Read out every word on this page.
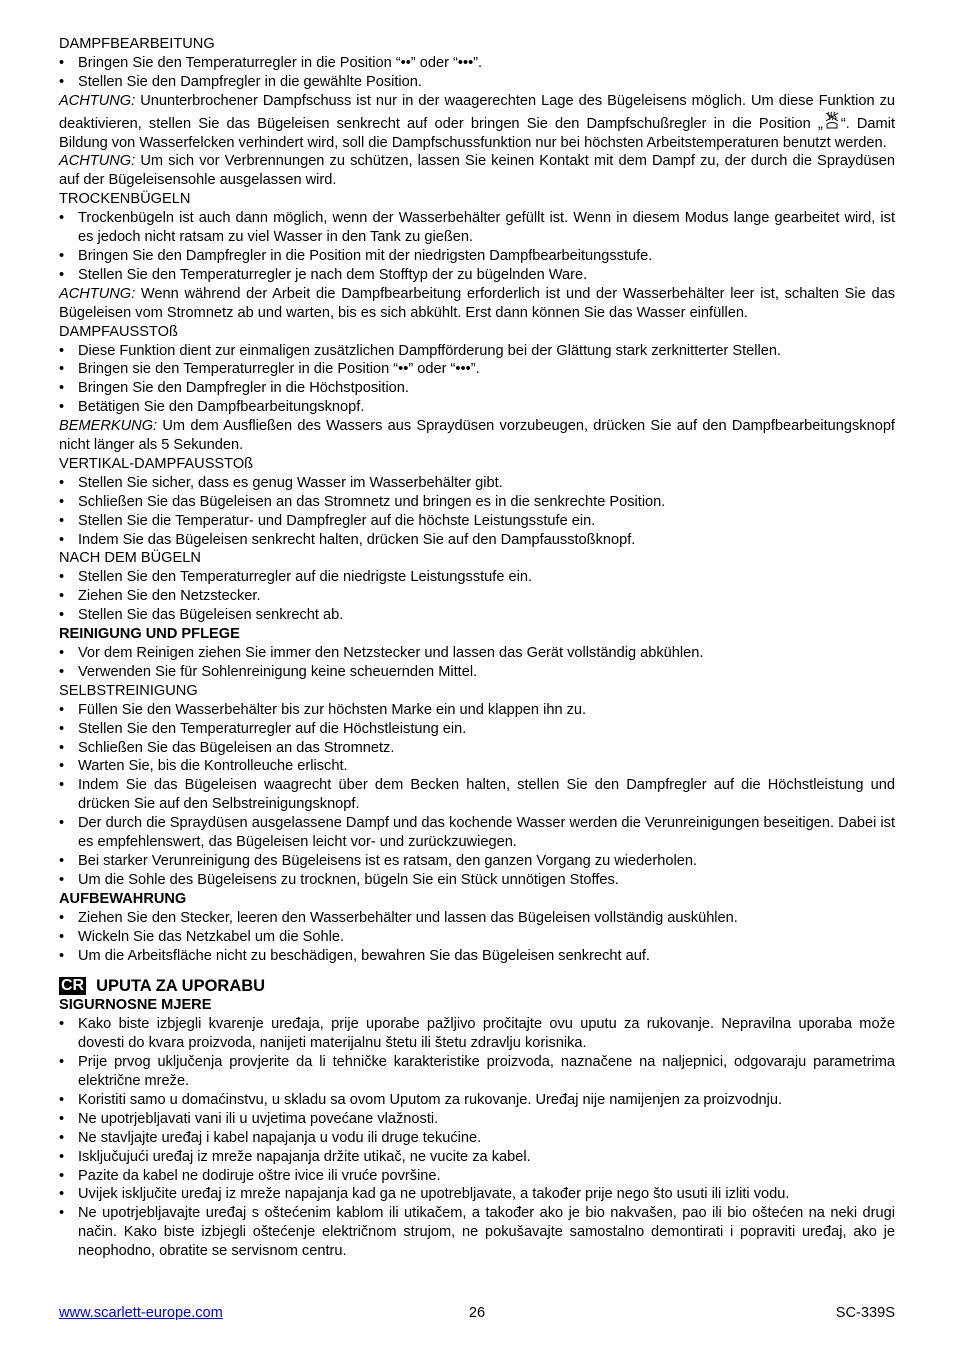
DAMPFBEARBEITUNG

• Bringen Sie den Temperaturregler in die Position “••” oder “•••”.
• Stellen Sie den Dampfregler in die gewählte Position.

ACHTUNG: Ununterbrochener Dampfschuss ist nur in der waagerechten Lage des Bügeleisens möglich. Um diese Funktion zu deaktivieren, stellen Sie das Bügeleisen senkrecht auf oder bringen Sie den Dampfschußregler in die Position „ “. Damit Bildung von Wasserfelcken verhindert wird, soll die Dampfschussfunktion nur bei höchsten Arbeitstemperaturen benutzt werden.

ACHTUNG: Um sich vor Verbrennungen zu schützen, lassen Sie keinen Kontakt mit dem Dampf zu, der durch die Spraydüsen auf der Bügeleisensohle ausgelassen wird.

TROCKENBÜGELN

• Trockenbügeln ist auch dann möglich, wenn der Wasserbehälter gefüllt ist. Wenn in diesem Modus lange gearbeitet wird, ist es jedoch nicht ratsam zu viel Wasser in den Tank zu gießen.
• Bringen Sie den Dampfregler in die Position mit der niedrigsten Dampfbearbeitungsstufe.
• Stellen Sie den Temperaturregler je nach dem Stofftyp der zu bügelnden Ware.

ACHTUNG: Wenn während der Arbeit die Dampfbearbeitung erforderlich ist und der Wasserbehälter leer ist, schalten Sie das Bügeleisen vom Stromnetz ab und warten, bis es sich abkühlt. Erst dann können Sie das Wasser einfüllen.

DAMPFAUSSTOß

• Diese Funktion dient zur einmaligen zusätzlichen Dampfförderung bei der Glättung stark zerknitterter Stellen.
• Bringen sie den Temperaturregler in die Position “••” oder “•••”.
• Bringen Sie den Dampfregler in die Höchstposition.
• Betätigen Sie den Dampfbearbeitungsknopf.

BEMERKUNG: Um dem Ausfließen des Wassers aus Spraydüsen vorzubeugen, drücken Sie auf den Dampfbearbeitungsknopf nicht länger als 5 Sekunden.

VERTIKAL-DAMPFAUSSTOß

• Stellen Sie sicher, dass es genug Wasser im Wasserbehälter gibt.
• Schließen Sie das Bügeleisen an das Stromnetz und bringen es in die senkrechte Position.
• Stellen Sie die Temperatur- und Dampfregler auf die höchste Leistungsstufe ein.
• Indem Sie das Bügeleisen senkrecht halten, drücken Sie auf den Dampfausstoßknopf.

NACH DEM BÜGELN

• Stellen Sie den Temperaturregler auf die niedrigste Leistungsstufe ein.
• Ziehen Sie den Netzstecker.
• Stellen Sie das Bügeleisen senkrecht ab.

REINIGUNG UND PFLEGE

• Vor dem Reinigen ziehen Sie immer den Netzstecker und lassen das Gerät vollständig abkühlen.
• Verwenden Sie für Sohlenreinigung keine scheuernden Mittel.

SELBSTREINIGUNG

• Füllen Sie den Wasserbehälter bis zur höchsten Marke ein und klappen ihn zu.
• Stellen Sie den Temperaturregler auf die Höchstleistung ein.
• Schließen Sie das Bügeleisen an das Stromnetz.
• Warten Sie, bis die Kontrolleuche erlischt.
• Indem Sie das Bügeleisen waagrecht über dem Becken halten, stellen Sie den Dampfregler auf die Höchstleistung und drücken Sie auf den Selbstreinigungsknopf.
• Der durch die Spraydüsen ausgelassene Dampf und das kochende Wasser werden die Verunreinigungen beseitigen. Dabei ist es empfehlenswert, das Bügeleisen leicht vor- und zurückzuwiegen.
• Bei starker Verunreinigung des Bügeleisens ist es ratsam, den ganzen Vorgang zu wiederholen.
• Um die Sohle des Bügeleisens zu trocknen, bügeln Sie ein Stück unnötigen Stoffes.

AUFBEWAHRUNG

• Ziehen Sie den Stecker, leeren den Wasserbehälter und lassen das Bügeleisen vollständig auskühlen.
• Wickeln Sie das Netzkabel um die Sohle.
• Um die Arbeitsfläche nicht zu beschädigen, bewahren Sie das Bügeleisen senkrecht auf.
CR UPUTA ZA UPORABU

SIGURNOSNE MJERE

• Kako biste izbjegli kvarenje uređaja, prije uporabe pažljivo pročitajte ovu uputu za rukovanje. Nepravilna uporaba može dovesti do kvara proizvoda, nanijeti materijalnu štetu ili štetu zdravlju korisnika.
• Prije prvog uključenja provjerite da li tehničke karakteristike proizvoda, naznačene na naljepnici, odgovaraju parametrima električne mreže.
• Koristiti samo u domaćinstvu, u skladu sa ovom Uputom za rukovanje. Uređaj nije namijenjen za proizvodnju.
• Ne upotrjebljavati vani ili u uvjetima povećane vlažnosti.
• Ne stavljajte uređaj i kabel napajanja u vodu ili druge tekućine.
• Isključujući uređaj iz mreže napajanja držite utikač, ne vucite za kabel.
• Pazite da kabel ne dodiruje oštre ivice ili vruće površine.
• Uvijek isključite uređaj iz mreže napajanja kad ga ne upotrebljavate, a također prije nego što usuti ili izliti vodu.
• Ne upotrjebljavajte uređaj s oštećenim kablom ili utikačem, a također ako je bio nakvašen, pao ili bio oštećen na neki drugi način. Kako biste izbjegli oštećenje električnom strujom, ne pokušavajte samostalno demontirati i popraviti uređaj, ako je neophodno, obratite se servisnom centru.
26
www.scarlett-europe.com	SC-339S
